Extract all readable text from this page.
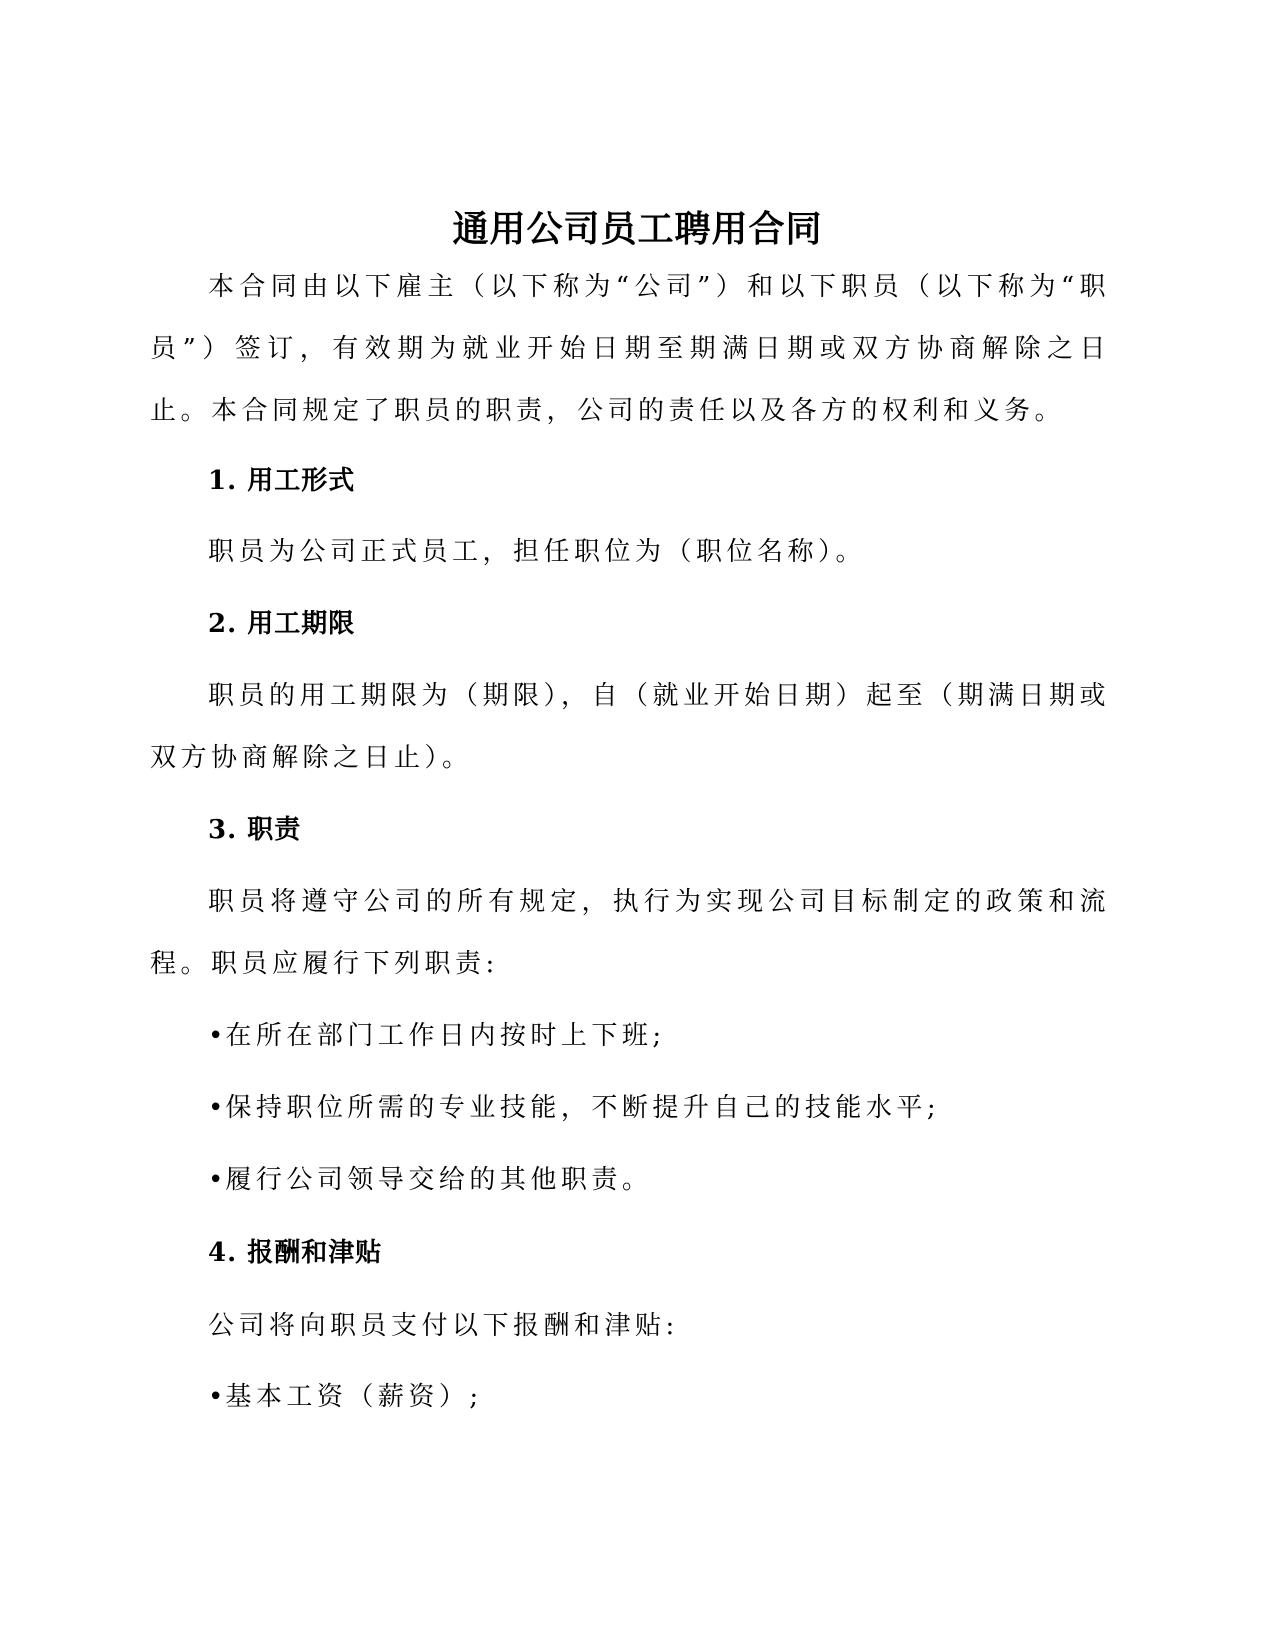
通用公司员工聘用合同

本合同由以下雇主（以下称为“公司”）和以下职员（以下称为“职员”）签订，有效期为就业开始日期至期满日期或双方协商解除之日止。本合同规定了职员的职责，公司的责任以及各方的权利和义务。

1. 用工形式

职员为公司正式员工，担任职位为（职位名称）。

2. 用工期限

职员的用工期限为（期限），自（就业开始日期）起至（期满日期或双方协商解除之日止）。

3. 职责

职员将遵守公司的所有规定，执行为实现公司目标制定的政策和流程。职员应履行下列职责:

•在所在部门工作日内按时上下班;

•保持职位所需的专业技能，不断提升自己的技能水平;

•履行公司领导交给的其他职责。

4. 报酬和津贴

公司将向职员支付以下报酬和津贴:

•基本工资（薪资）;
